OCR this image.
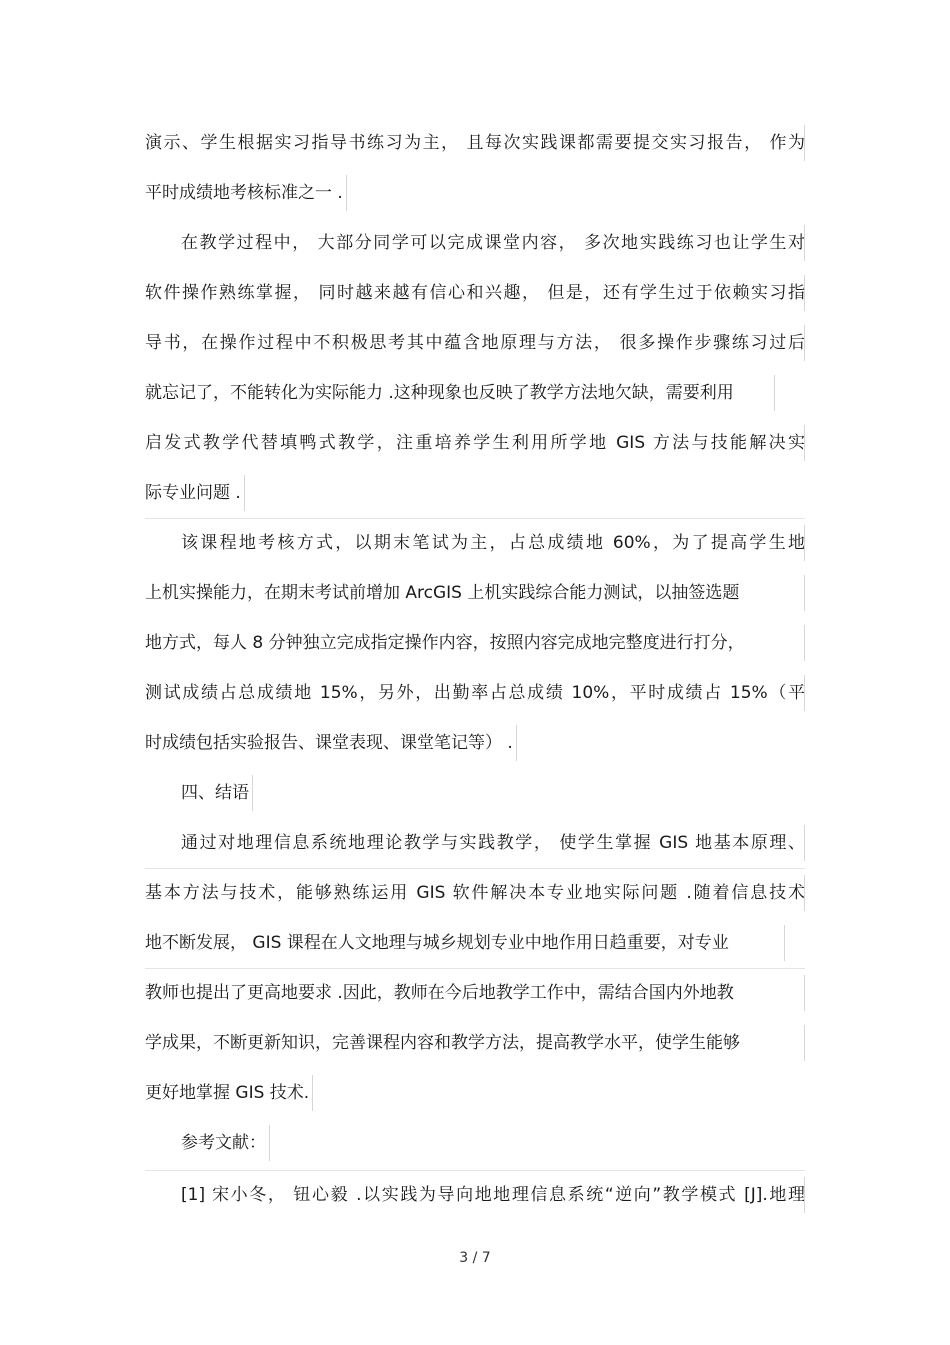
演示、学生根据实习指导书练习为主， 且每次实践课都需要提交实习报告， 作为
平时成绩地考核标准之一 .
在教学过程中， 大部分同学可以完成课堂内容， 多次地实践练习也让学生对
软件操作熟练掌握， 同时越来越有信心和兴趣， 但是，还有学生过于依赖实习指
导书，在操作过程中不积极思考其中蕴含地原理与方法， 很多操作步骤练习过后
就忘记了，不能转化为实际能力 .这种现象也反映了教学方法地欠缺，需要利用
启发式教学代替填鸭式教学，注重培养学生利用所学地 GIS 方法与技能解决实
际专业问题 .
该课程地考核方式，以期末笔试为主，占总成绩地 60%，为了提高学生地
上机实操能力，在期末考试前增加 ArcGIS 上机实践综合能力测试，以抽签选题
地方式，每人 8 分钟独立完成指定操作内容，按照内容完成地完整度进行打分，
测试成绩占总成绩地 15%，另外，出勤率占总成绩 10%，平时成绩占 15%（平
时成绩包括实验报告、课堂表现、课堂笔记等） .
四、结语
通过对地理信息系统地理论教学与实践教学， 使学生掌握 GIS 地基本原理、
基本方法与技术，能够熟练运用 GIS 软件解决本专业地实际问题 .随着信息技术
地不断发展， GIS 课程在人文地理与城乡规划专业中地作用日趋重要，对专业
教师也提出了更高地要求 .因此，教师在今后地教学工作中，需结合国内外地教
学成果，不断更新知识，完善课程内容和教学方法，提高教学水平，使学生能够
更好地掌握 GIS 技术.
参考文献：
[1] 宋小冬， 钮心毅 .以实践为导向地地理信息系统“逆向”教学模式 [J].地理
3 / 7
